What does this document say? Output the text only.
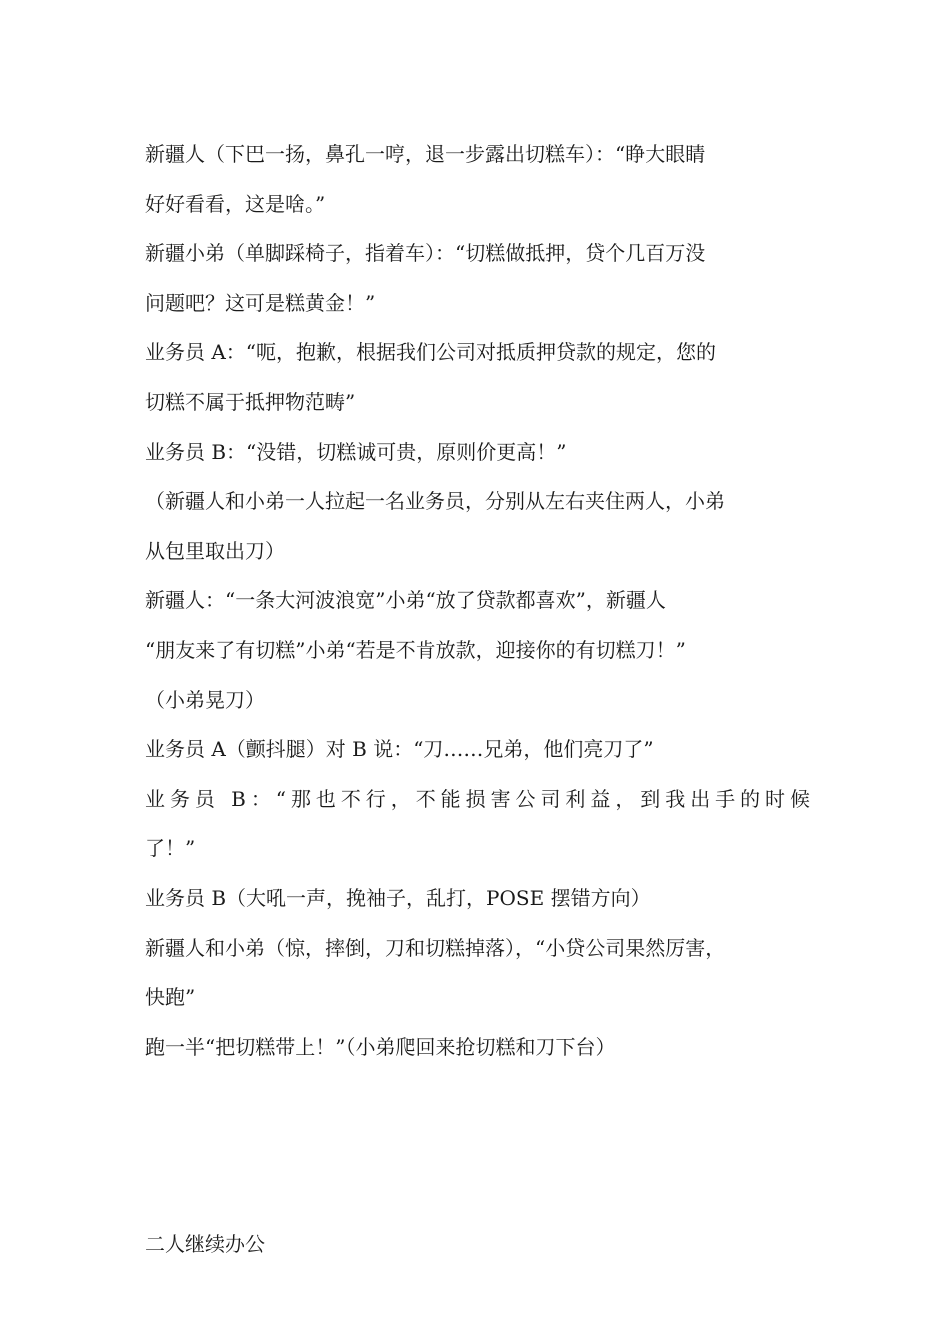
新疆人（下巴一扬，鼻孔一哼，退一步露出切糕车）：“睁大眼睛

好好看看，这是啥。”

新疆小弟（单脚踩椅子，指着车）：“切糕做抵押，贷个几百万没

问题吧？这可是糕黄金！”

业务员 A：“呃，抱歉，根据我们公司对抵质押贷款的规定，您的

切糕不属于抵押物范畴”

业务员 B：“没错，切糕诚可贵，原则价更高！”

（新疆人和小弟一人拉起一名业务员，分别从左右夹住两人，小弟

从包里取出刀）

新疆人：“一条大河波浪宽”小弟“放了贷款都喜欢”，新疆人

“朋友来了有切糕”小弟“若是不肯放款，迎接你的有切糕刀！”

（小弟晃刀）

业务员 A（颤抖腿）对 B 说：“刀……兄弟，他们亮刀了”

业务员 B：“那也不行，不能损害公司利益，到我出手的时候

了！”

业务员 B（大吼一声，挽袖子，乱打，POSE 摆错方向）

新疆人和小弟（惊，摔倒，刀和切糕掉落），“小贷公司果然厉害，

快跑”

跑一半“把切糕带上！”（小弟爬回来抢切糕和刀下台）

二人继续办公
